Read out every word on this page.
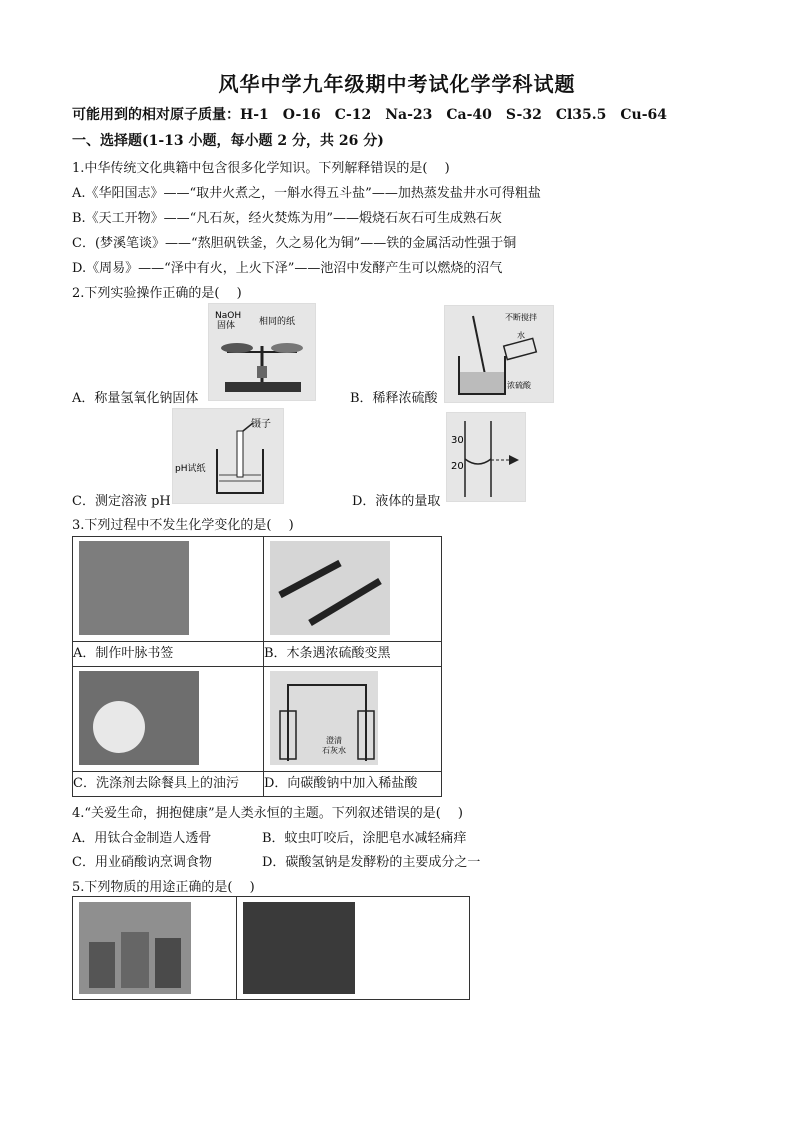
风华中学九年级期中考试化学学科试题
可能用到的相对原子质量：H-1 O-16 C-12 Na-23 Ca-40 S-32 Cl35.5 Cu-64
一、选择题(1-13 小题，每小题 2 分，共 26 分)
1.中华传统文化典籍中包含很多化学知识。下列解释错误的是(　 )
A.《华阳国志》——“取井火煮之，一斛水得五斗盐”——加热蒸发盐井水可得粗盐
B.《天工开物》——“凡石灰，经火焚炼为用”——煅烧石灰石可生成熟石灰
C．(梦溪笔谈》——“熬胆矾铁釜，久之易化为铜”——铁的金属活动性强于铜
D.《周易》——“泽中有火，上火下泽”——池沼中发酵产生可以燃烧的沼气
2.下列实验操作正确的是(　 )
NaOH
固体	相同的纸
A．称量氢氧化钠固体
不断搅拌
水
浓硫酸
B．稀释浓硫酸
镊子
pH试纸
C．测定溶液 pH
30
20
D．液体的量取
3.下列过程中不发生化学变化的是(　 )

A．制作叶脉书签	B．木条遇浓硫酸变黑

澄清
石灰水

C．洗涤剂去除餐具上的油污	D．向碳酸钠中加入稀盐酸
4.“关爱生命，拥抱健康”是人类永恒的主题。下列叙述错误的是(　 )
A．用钛合金制造人透骨	B．蚊虫叮咬后，涂肥皂水减轻痛痒
C．用业硝酸讷烹调食物	D．碳酸氢钠是发酵粉的主要成分之一
5.下列物质的用途正确的是(　 )
